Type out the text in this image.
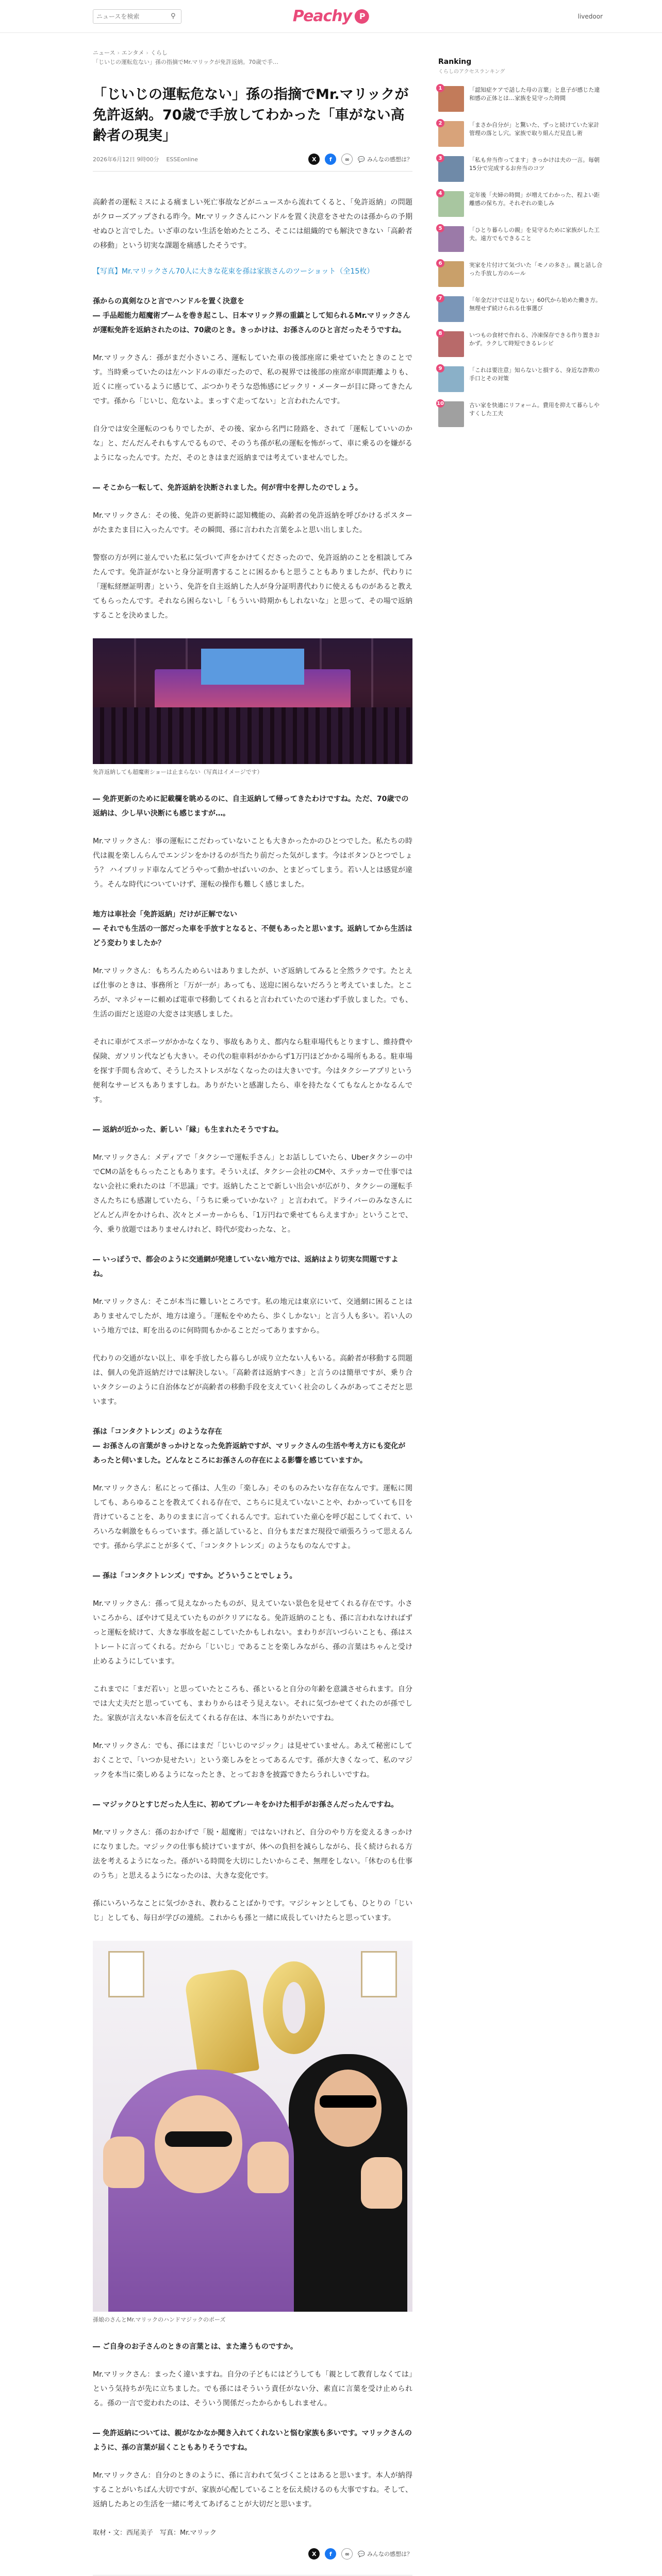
ニュースを検索
⚲	Peachy P	livedoor
ニュース › エンタメ › くらし
「じいじの運転危ない」孫の指摘でMr.マリックが免許返納。70歳で手…
「じいじの運転危ない」孫の指摘でMr.マリックが免許返納。70歳で手放してわかった「車がない高齢者の現実」
2026年6月12日 9時00分 ESSEonline	X	f	∞	💬 みんなの感想は？

高齢者の運転ミスによる痛ましい死亡事故などがニュースから流れてくると、「免許返納」の問題がクローズアップされる昨今。Mr.マリックさんにハンドルを置く決意をさせたのは孫からの予期せぬひと言でした。いざ車のない生活を始めたところ、そこには組織的でも解決できない「高齢者の移動」という切実な課題を痛感したそうです。

【写真】Mr.マリックさん70人に大きな花束を孫は家族さんのツーショット（全15枚）
孫からの真剣なひと言でハンドルを置く決意を
― 手品超能力超魔術ブームを巻き起こし、日本マリック界の重鎮として知られるMr.マリックさんが運転免許を返納されたのは、70歳のとき。きっかけは、お孫さんのひと言だったそうですね。

Mr.マリックさん：孫がまだ小さいころ、運転していた車の後部座席に乗せていたときのことです。当時乗っていたのは左ハンドルの車だったので、私の視界では後部の座席が車間距離よりも、近くに座っているように感じて、ぶつかりそうな恐怖感にビックリ・メーターが目に降ってきたんです。孫から「じいじ、危ないよ。まっすぐ走ってない」と言われたんです。

自分では安全運転のつもりでしたが、その後、家から名門に陸路を、されて「運転していいのかな」と、だんだんそれもすんでるもので、そのうち孫が私の運転を怖がって、車に乗るのを嫌がるようになったんです。ただ、そのときはまだ返納までは考えていませんでした。

― そこから一転して、免許返納を決断されました。何が背中を押したのでしょう。

Mr.マリックさん：その後、免許の更新時に認知機能の、高齢者の免許返納を呼びかけるポスターがたまたま目に入ったんです。その瞬間、孫に言われた言葉をふと思い出しました。

警察の方が列に並んでいた私に気づいて声をかけてくださったので、免許返納のことを相談してみたんです。免許証がないと身分証明書することに困るかもと思うこともありましたが、代わりに「運転経歴証明書」という、免許を自主返納した人が身分証明書代わりに使えるものがあると教えてもらったんです。それなら困らないし「もういい時期かもしれないな」と思って、その場で返納することを決めました。

免許返納しても超魔術ショーは止まらない（写真はイメージです）
― 免許更新のために記載欄を眺めるのに、自主返納して帰ってきたわけですね。ただ、70歳での返納は、少し早い決断にも感じますが…。

Mr.マリックさん：事の運転にこだわっていないことも大きかったかのひとつでした。私たちの時代は親を楽しんらんでエンジンをかけるのが当たり前だった気がします。今はボタンひとつでしょう？ ハイブリッド車なんてどうやって動かせばいいのか、とまどってしまう。若い人とは感覚が違う。そんな時代についていけず、運転の操作も難しく感じました。

地方は車社会「免許返納」だけが正解でない
― それでも生活の一部だった車を手放すとなると、不便もあったと思います。返納してから生活はどう変わりましたか？

Mr.マリックさん：もちろんためらいはありましたが、いざ返納してみると全然ラクです。たとえば仕事のときは、事務所と「万が一が」あっても、送迎に困らないだろうと考えていました。ところが、マネジャーに頼めば電車で移動してくれると言われていたので迷わず手放しました。でも、生活の面だと送迎の大変さは実感しました。

それに車がてスポーツがかかなくなり、事故もありえ、都内なら駐車場代もとりますし、維持費や保険、ガソリン代なども大きい。その代の駐車料がかからず1万円ほどかかる場所もある。駐車場を探す手間も含めて、そうしたストレスがなくなったのは大きいです。今はタクシーアプリという便利なサービスもありますしね。ありがたいと感謝したら、車を持たなくてもなんとかなるんです。

― 返納が近かった、新しい「縁」も生まれたそうですね。

Mr.マリックさん：メディアで「タクシーで運転手さん」とお話ししていたら、Uberタクシーの中でCMの話をもらったこともあります。そういえば、タクシー会社のCMや、ステッカーで仕事ではない会社に乗れたのは「不思議」です。返納したことで新しい出会いが広がり、タクシーの運転手さんたちにも感謝していたら、「うちに乗っていかない？」と言われて。ドライバーのみなさんにどんどん声をかけられ、次々とメーカーからも、「1万円ねで乗せてもらえますか」ということで、今、乗り放題ではありませんけれど、時代が変わったな、と。

― いっぽうで、都会のように交通網が発達していない地方では、返納はより切実な問題ですよね。

Mr.マリックさん：そこが本当に難しいところです。私の地元は東京にいて、交通網に困ることはありませんでしたが、地方は違う。「運転をやめたら、歩くしかない」と言う人も多い。若い人のいう地方では、町を出るのに何時間もかかることだってありますから。

代わりの交通がない以上、車を手放したら暮らしが成り立たない人もいる。高齢者が移動する問題は、個人の免許返納だけでは解決しない。「高齢者は返納すべき」と言うのは簡単ですが、乗り合いタクシーのように自治体などが高齢者の移動手段を支えていく社会のしくみがあってこそだと思います。

孫は「コンタクトレンズ」のような存在
― お孫さんの言葉がきっかけとなった免許返納ですが、マリックさんの生活や考え方にも変化があったと伺いました。どんなところにお孫さんの存在による影響を感じていますか。

Mr.マリックさん：私にとって孫は、人生の「楽しみ」そのものみたいな存在なんです。運転に関しても、あらゆることを教えてくれる存在で、こちらに見えていないことや、わかっていても目を背けていることを、ありのままに言ってくれるんです。忘れていた童心を呼び起こしてくれて、いろいろな刺激をもらっています。孫と話していると、自分もまだまだ現役で頑張ろうって思えるんです。孫から学ぶことが多くて、「コンタクトレンズ」のようなものなんですよ。

― 孫は「コンタクトレンズ」ですか。どういうことでしょう。

Mr.マリックさん：孫って見えなかったものが、見えていない景色を見せてくれる存在です。小さいころから、ぼやけて見えていたものがクリアになる。免許返納のことも、孫に言われなければずっと運転を続けて、大きな事故を起こしていたかもしれない。まわりが言いづらいことも、孫はストレートに言ってくれる。だから「じいじ」であることを楽しみながら、孫の言葉はちゃんと受け止めるようにしています。

これまでに「まだ若い」と思っていたところも、孫といると自分の年齢を意識させられます。自分では大丈夫だと思っていても、まわりからはそう見えない。それに気づかせてくれたのが孫でした。家族が言えない本音を伝えてくれる存在は、本当にありがたいですね。

Mr.マリックさん：でも、孫にはまだ「じいじのマジック」は見せていません。あえて秘密にしておくことで、「いつか見せたい」という楽しみをとってあるんです。孫が大きくなって、私のマジックを本当に楽しめるようになったとき、とっておきを披露できたらうれしいですね。

― マジックひとすじだった人生に、初めてブレーキをかけた相手がお孫さんだったんですね。

Mr.マリックさん：孫のおかげで「脱・超魔術」ではないけれど、自分のやり方を変えるきっかけになりました。マジックの仕事も続けていますが、体への負担を減らしながら、長く続けられる方法を考えるようになった。孫がいる時間を大切にしたいからこそ、無理をしない。「休むのも仕事のうち」と思えるようになったのは、大きな変化です。

孫にいろいろなことに気づかされ、教わることばかりです。マジシャンとしても、ひとりの「じいじ」としても、毎日が学びの連続。これからも孫と一緒に成長していけたらと思っています。

孫娘のさんとMr.マリックのハンドマジックのポーズ
― ご自身のお子さんのときの言葉とは、また違うものですか。

Mr.マリックさん：まったく違いますね。自分の子どもにはどうしても「親として教育しなくては」という気持ちが先に立ちました。でも孫にはそういう責任がない分、素直に言葉を受け止められる。孫の一言で変われたのは、そういう関係だったからかもしれません。

― 免許返納については、親がなかなか聞き入れてくれないと悩む家族も多いです。マリックさんのように、孫の言葉が届くこともありそうですね。

Mr.マリックさん：自分のときのように、孫に言われて気づくことはあると思います。本人が納得することがいちばん大切ですが、家族が心配していることを伝え続けるのも大事ですね。そして、返納したあとの生活を一緒に考えてあげることが大切だと思います。

取材・文：西尾美子　写真：Mr.マリック
X	f	∞	💬 みんなの感想は？
Ranking
くらしのアクセスランキング
1	「認知症ケアで話した母の言葉」と息子が感じた違和感の正体とは…家族を見守った時間
2	「まさか自分が」と驚いた、ずっと続けていた家計管理の落とし穴。家族で取り組んだ見直し術
3	「私も弁当作ってます」きっかけは夫の一言。毎朝15分で完成するお弁当のコツ
4	定年後「夫婦の時間」が増えてわかった、程よい距離感の保ち方。それぞれの楽しみ
5	「ひとり暮らしの親」を見守るために家族がした工夫。遠方でもできること
6	実家を片付けて気づいた「モノの多さ」。親と話し合った手放し方のルール
7	「年金だけでは足りない」60代から始めた働き方。無理せず続けられる仕事選び
8	いつもの食材で作れる、冷凍保存できる作り置きおかず。ラクして時短できるレシピ
9	「これは要注意」知らないと損する、身近な詐欺の手口とその対策
10	古い家を快適にリフォーム。費用を抑えて暮らしやすくした工夫
